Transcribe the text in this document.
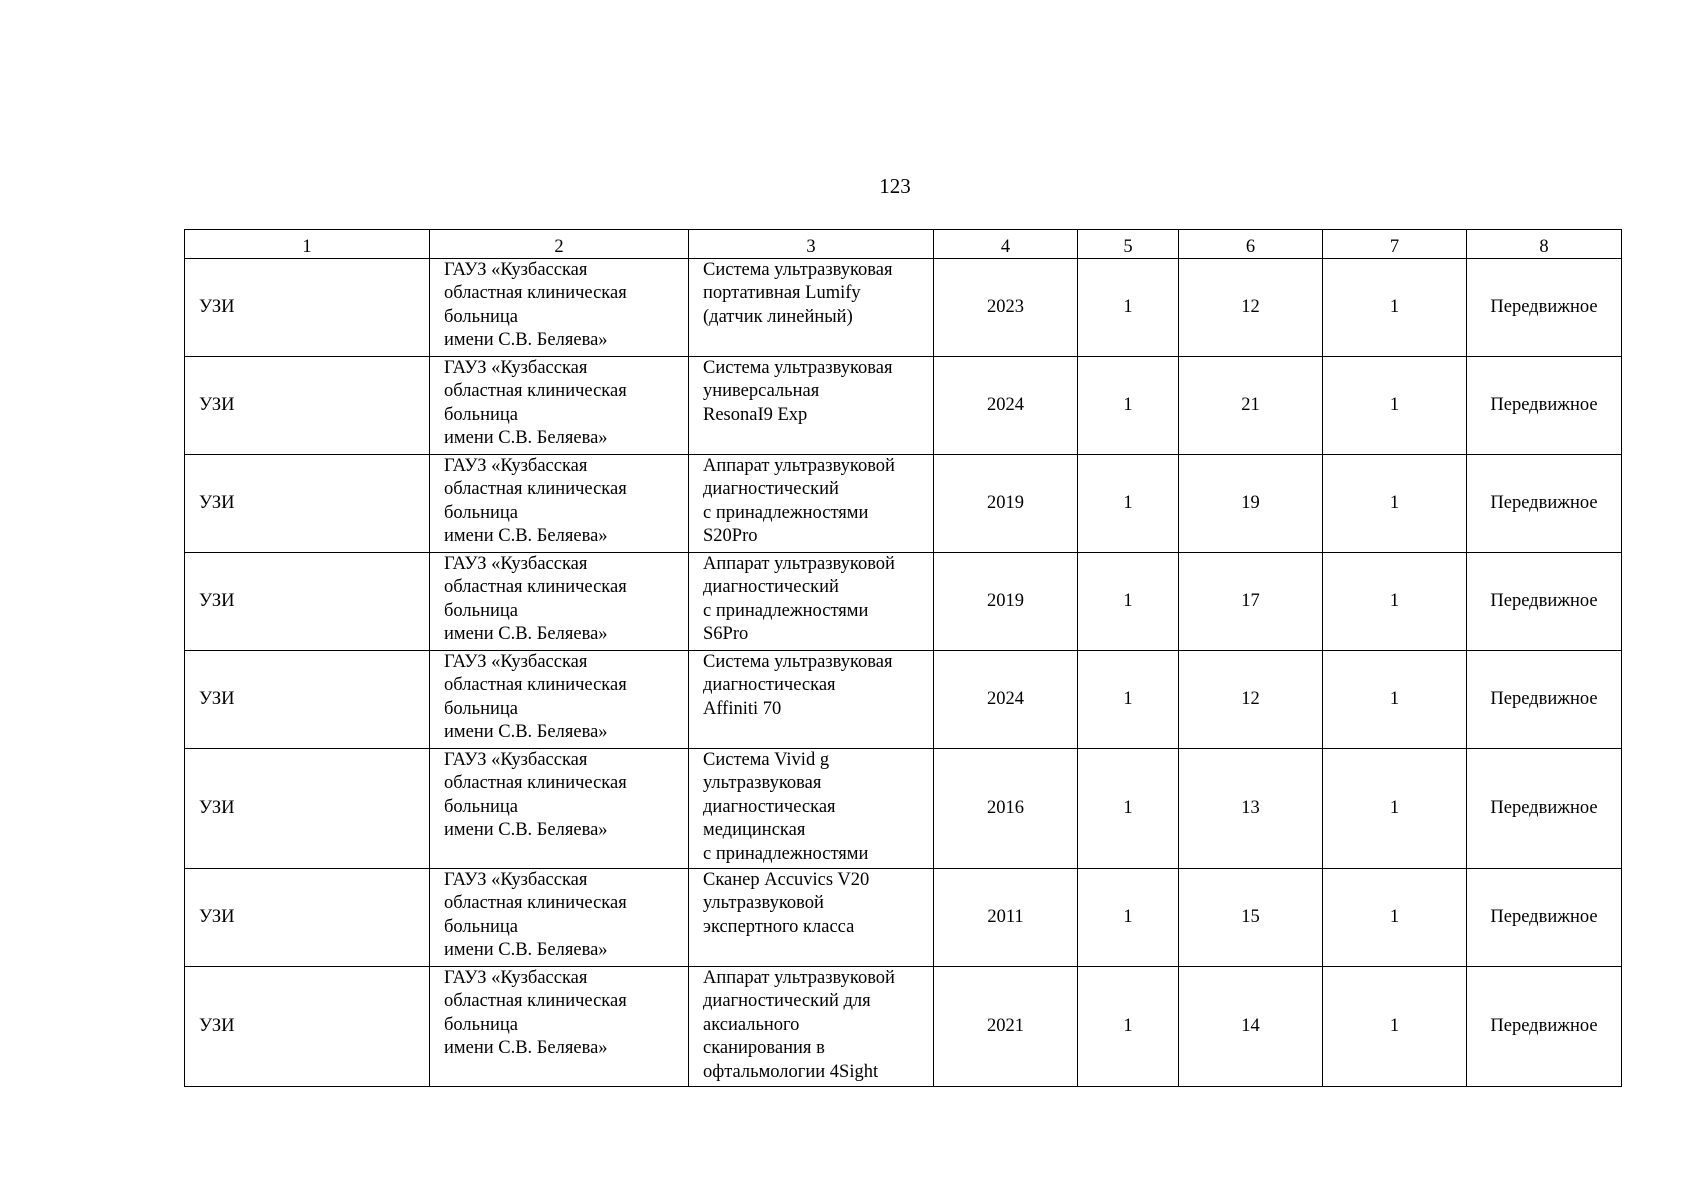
123
1	2	3	4	5	6	7	8
УЗИ	ГАУЗ «Кузбасская
областная клиническая
больница
имени С.В. Беляева»	Система ультразвуковая
портативная Lumify
(датчик линейный)	2023	1	12	1	Передвижное
УЗИ	ГАУЗ «Кузбасская
областная клиническая
больница
имени С.В. Беляева»	Система ультразвуковая
универсальная
ResonaI9 Exp	2024	1	21	1	Передвижное
УЗИ	ГАУЗ «Кузбасская
областная клиническая
больница
имени С.В. Беляева»	Аппарат ультразвуковой
диагностический
с принадлежностями
S20Pro	2019	1	19	1	Передвижное
УЗИ	ГАУЗ «Кузбасская
областная клиническая
больница
имени С.В. Беляева»	Аппарат ультразвуковой
диагностический
с принадлежностями
S6Pro	2019	1	17	1	Передвижное
УЗИ	ГАУЗ «Кузбасская
областная клиническая
больница
имени С.В. Беляева»	Система ультразвуковая
диагностическая
Affiniti 70	2024	1	12	1	Передвижное
УЗИ	ГАУЗ «Кузбасская
областная клиническая
больница
имени С.В. Беляева»	Система Vivid g
ультразвуковая
диагностическая
медицинская
с принадлежностями	2016	1	13	1	Передвижное
УЗИ	ГАУЗ «Кузбасская
областная клиническая
больница
имени С.В. Беляева»	Сканер Accuvics V20
ультразвуковой
экспертного класса	2011	1	15	1	Передвижное
УЗИ	ГАУЗ «Кузбасская
областная клиническая
больница
имени С.В. Беляева»	Аппарат ультразвуковой
диагностический для
аксиального
сканирования в
офтальмологии 4Sight	2021	1	14	1	Передвижное
